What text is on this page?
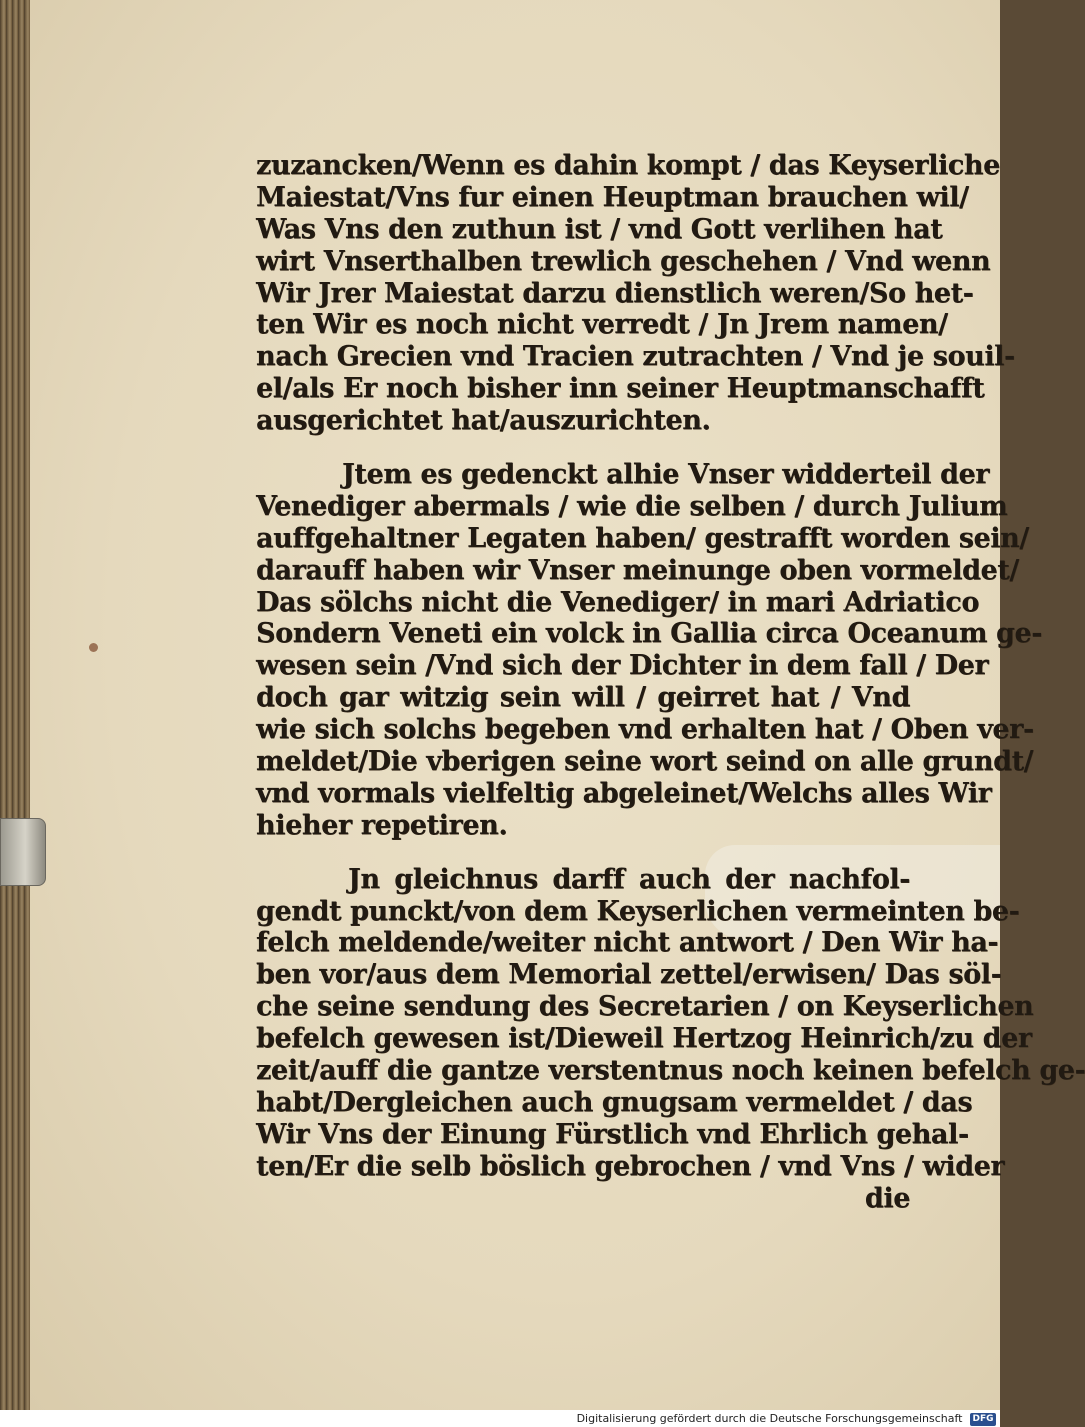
zuzancken/Wenn es dahin kompt / das Keyserliche
Maiestat/Vns fur einen Heuptman brauchen wil/
Was Vns den zuthun ist / vnd Gott verlihen hat
wirt Vnserthalben trewlich geschehen / Vnd wenn
Wir Jrer Maiestat darzu dienstlich weren/So het-
ten Wir es noch nicht verredt / Jn Jrem namen/
nach Grecien vnd Tracien zutrachten / Vnd je souil-
el/als Er noch bisher inn seiner Heuptmanschafft
ausgerichtet hat/auszurichten.
Jtem es gedenckt alhie Vnser widderteil der
Venediger abermals / wie die selben / durch Julium
auffgehaltner Legaten haben/ gestrafft worden sein/
darauff haben wir Vnser meinunge oben vormeldet/
Das sölchs nicht die Venediger/ in mari Adriatico
Sondern Veneti ein volck in Gallia circa Oceanum ge-
wesen sein /Vnd sich der Dichter in dem fall / Der
doch gar witzig sein will / geirret hat / Vnd
wie sich solchs begeben vnd erhalten hat / Oben ver-
meldet/Die vberigen seine wort seind on alle grundt/
vnd vormals vielfeltig abgeleinet/Welchs alles Wir
hieher repetiren.
Jn gleichnus darff auch der nachfol-
gendt punckt/von dem Keyserlichen vermeinten be-
felch meldende/weiter nicht antwort / Den Wir ha-
ben vor/aus dem Memorial zettel/erwisen/ Das söl-
che seine sendung des Secretarien / on Keyserlichen
befelch gewesen ist/Dieweil Hertzog Heinrich/zu der
zeit/auff die gantze verstentnus noch keinen befelch ge-
habt/Dergleichen auch gnugsam vermeldet / das
Wir Vns der Einung Fürstlich vnd Ehrlich gehal-
ten/Er die selb böslich gebrochen / vnd Vns / wider
die
Digitalisierung gefördert durch die Deutsche Forschungsgemeinschaft DFG
